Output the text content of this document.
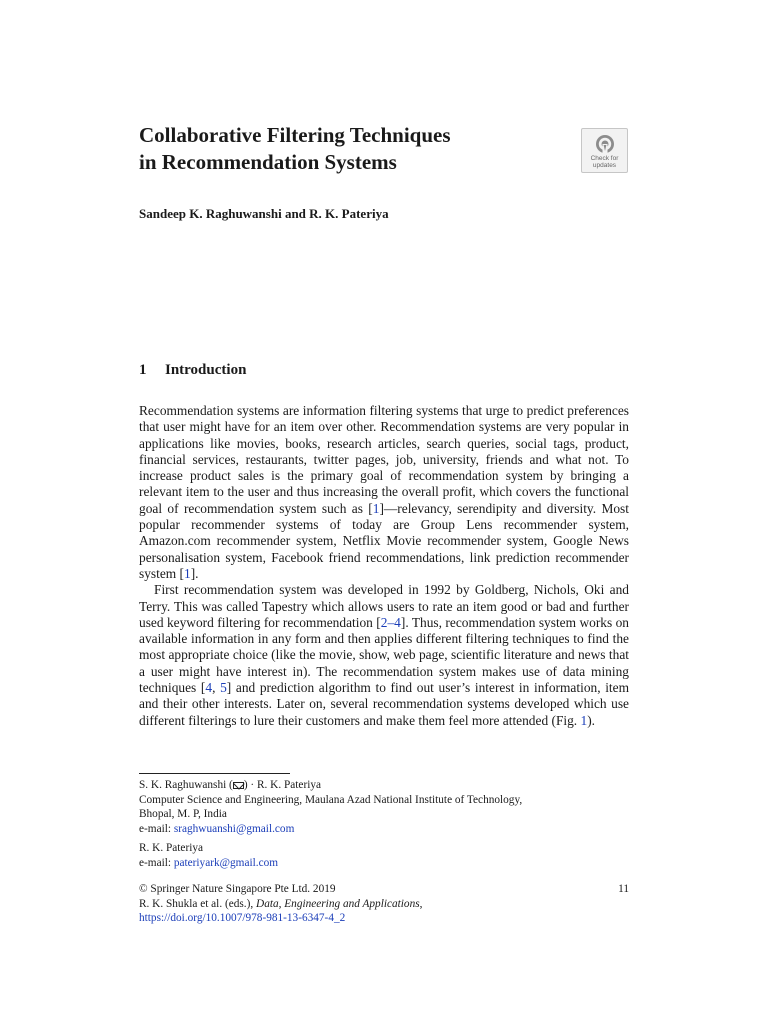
Collaborative Filtering Techniques
in Recommendation Systems	Check for
updates
Sandeep K. Raghuwanshi and R. K. Pateriya
1 Introduction

Recommendation systems are information filtering systems that urge to predict preferences that user might have for an item over other. Recommendation systems are very popular in applications like movies, books, research articles, search queries, social tags, product, financial services, restaurants, twitter pages, job, university, friends and what not. To increase product sales is the primary goal of recommendation system by bringing a relevant item to the user and thus increasing the overall profit, which covers the functional goal of recommendation system such as [1]—relevancy, serendipity and diversity. Most popular recommender systems of today are Group Lens recommender system, Amazon.com recommender system, Netflix Movie recommender system, Google News personalisation system, Facebook friend recommendations, link prediction recommender system [1].

First recommendation system was developed in 1992 by Goldberg, Nichols, Oki and Terry. This was called Tapestry which allows users to rate an item good or bad and further used keyword filtering for recommendation [2–4]. Thus, recommendation system works on available information in any form and then applies different filtering techniques to find the most appropriate choice (like the movie, show, web page, scientific literature and news that a user might have interest in). The recommendation system makes use of data mining techniques [4, 5] and prediction algorithm to find out user’s interest in information, item and their other interests. Later on, several recommendation systems developed which use different filterings to lure their customers and make them feel more attended (Fig. 1).

S. K. Raghuwanshi ( ) · R. K. Pateriya
Computer Science and Engineering, Maulana Azad National Institute of Technology,
Bhopal, M. P, India
e-mail: sraghwuanshi@gmail.com
R. K. Pateriya
e-mail: pateriyark@gmail.com
© Springer Nature Singapore Pte Ltd. 2019	11
R. K. Shukla et al. (eds.), Data, Engineering and Applications,
https://doi.org/10.1007/978-981-13-6347-4_2
